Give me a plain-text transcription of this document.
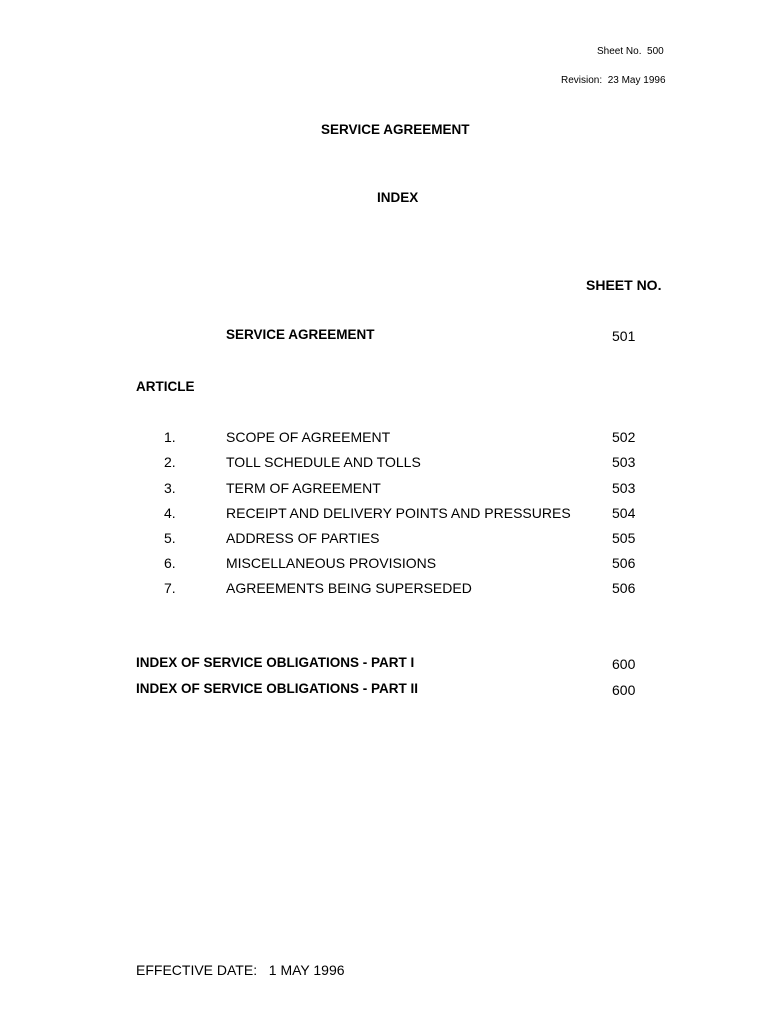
Sheet No. 500
Revision: 23 May 1996
SERVICE AGREEMENT
INDEX
SHEET NO.
SERVICE AGREEMENT	501
ARTICLE
1.	SCOPE OF AGREEMENT	502
2.	TOLL SCHEDULE AND TOLLS	503
3.	TERM OF AGREEMENT	503
4.	RECEIPT AND DELIVERY POINTS AND PRESSURES	504
5.	ADDRESS OF PARTIES	505
6.	MISCELLANEOUS PROVISIONS	506
7.	AGREEMENTS BEING SUPERSEDED	506
INDEX OF SERVICE OBLIGATIONS - PART I	600
INDEX OF SERVICE OBLIGATIONS - PART II	600
EFFECTIVE DATE: 1 MAY 1996
